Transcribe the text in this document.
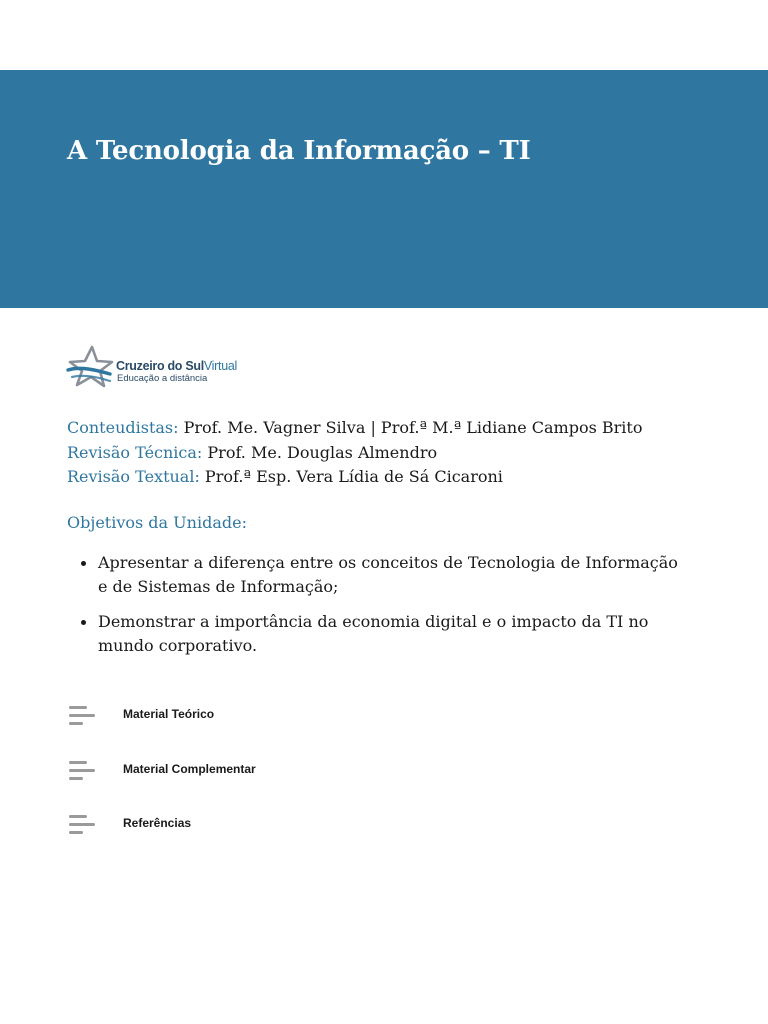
A Tecnologia da Informação – TI
Cruzeiro do SulVirtual
Educação a distância
Conteudistas: Prof. Me. Vagner Silva | Prof.ª M.ª Lidiane Campos Brito
Revisão Técnica: Prof. Me. Douglas Almendro
Revisão Textual: Prof.ª Esp. Vera Lídia de Sá Cicaroni
Objetivos da Unidade:
Apresentar a diferença entre os conceitos de Tecnologia de Informação e de Sistemas de Informação;
Demonstrar a importância da economia digital e o impacto da TI no mundo corporativo.
Material Teórico
Material Complementar
Referências
